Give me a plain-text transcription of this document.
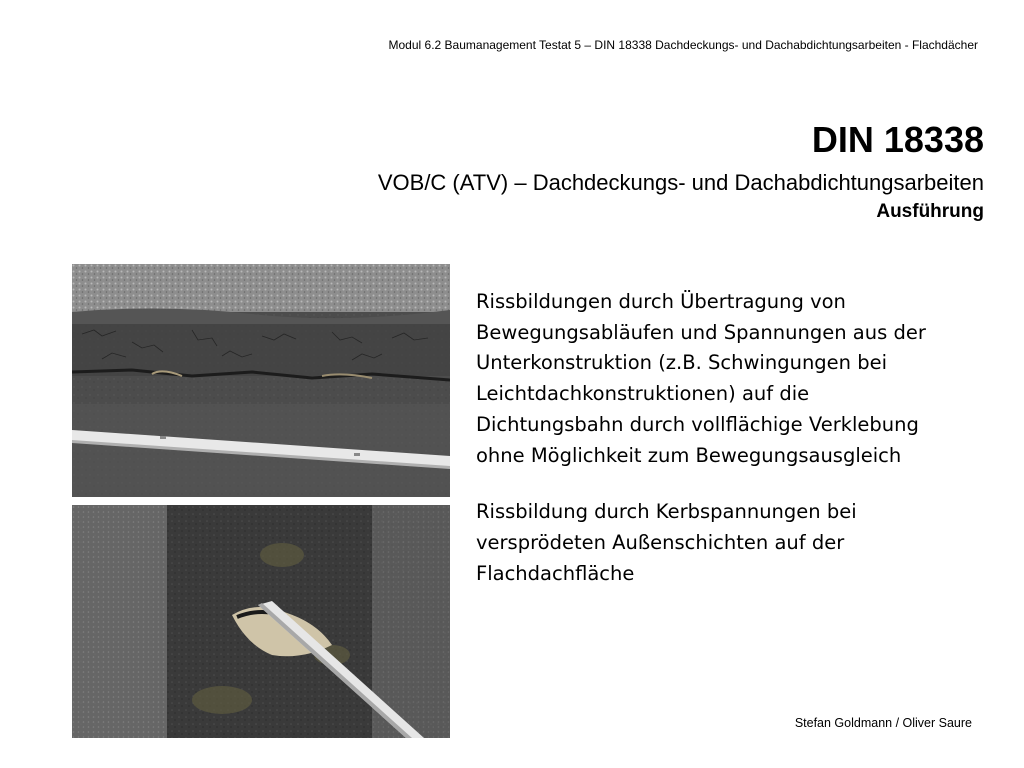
Modul 6.2 Baumanagement Testat 5 – DIN 18338 Dachdeckungs- und Dachabdichtungsarbeiten - Flachdächer
DIN 18338
VOB/C (ATV) – Dachdeckungs- und Dachabdichtungsarbeiten
Ausführung

Rissbildungen durch Übertragung von Bewegungsabläufen und Spannungen aus der Unterkonstruktion (z.B. Schwingungen bei Leichtdachkonstruktionen) auf die Dichtungsbahn durch vollflächige Verklebung ohne Möglichkeit zum Bewegungsausgleich

Rissbildung durch Kerbspannungen bei versprödeten Außenschichten auf der Flachdachfläche

Stefan Goldmann / Oliver Saure
